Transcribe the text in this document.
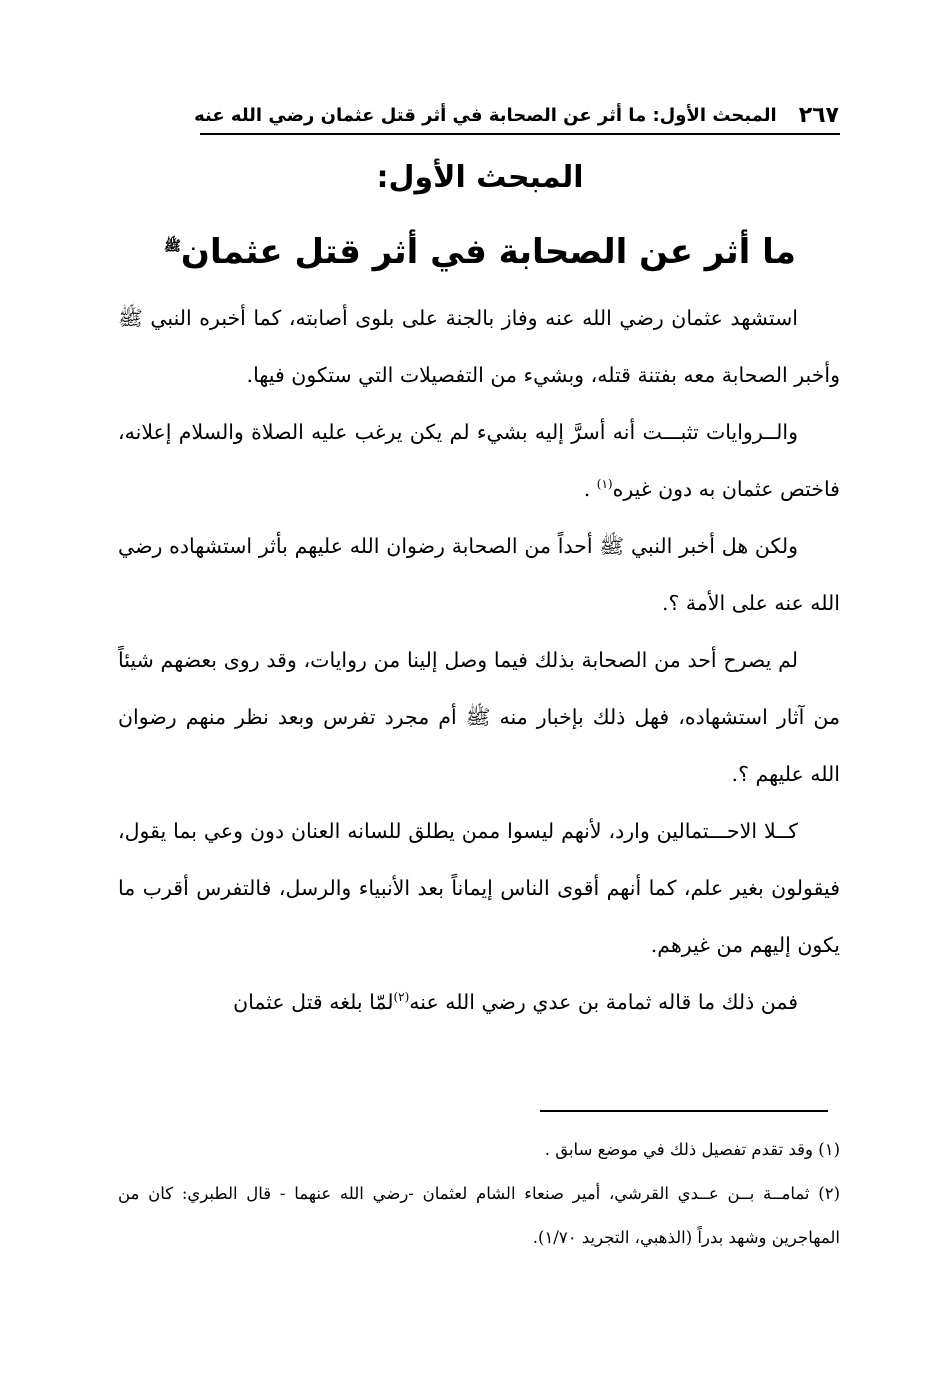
٢٦٧
المبحث الأول: ما أثر عن الصحابة في أثر قتل عثمان رضي الله عنه
المبحث الأول:
ما أثر عن الصحابة في أثر قتل عثمان$^ﷺ$

استشهد عثمان رضي الله عنه وفاز بالجنة على بلوى أصابته، كما أخبره النبي ﷺ وأخبر الصحابة معه بفتنة قتله، وبشيء من التفصيلات التي ستكون فيها.

والــروايات تثبـــت أنه أسرَّ إليه بشيء لم يكن يرغب عليه الصلاة والسلام إعلانه، فاختص عثمان به دون غيره$^{(١)}$ .

ولكن هل أخبر النبي ﷺ أحداً من الصحابة رضوان الله عليهم بأثر استشهاده رضي الله عنه على الأمة ؟.

لم يصرح أحد من الصحابة بذلك فيما وصل إلينا من روايات، وقد روى بعضهم شيئاً من آثار استشهاده، فهل ذلك بإخبار منه ﷺ أم مجرد تفرس وبعد نظر منهم رضوان الله عليهم ؟.

كــلا الاحـــتمالين وارد، لأنهم ليسوا ممن يطلق للسانه العنان دون وعي بما يقول، فيقولون بغير علم، كما أنهم أقوى الناس إيماناً بعد الأنبياء والرسل، فالتفرس أقرب ما يكون إليهم من غيرهم.

فمن ذلك ما قاله ثمامة بن عدي رضي الله عنه$^{(٢)}$لمّا بلغه قتل عثمان

(١) وقد تقدم تفصيل ذلك في موضع سابق .

(٢) ثمامــة بــن عــدي القرشي، أمير صنعاء الشام لعثمان -رضي الله عنهما - قال الطبري: كان من المهاجرين وشهد بدراً (الذهبي، التجريد ١/٧٠).
